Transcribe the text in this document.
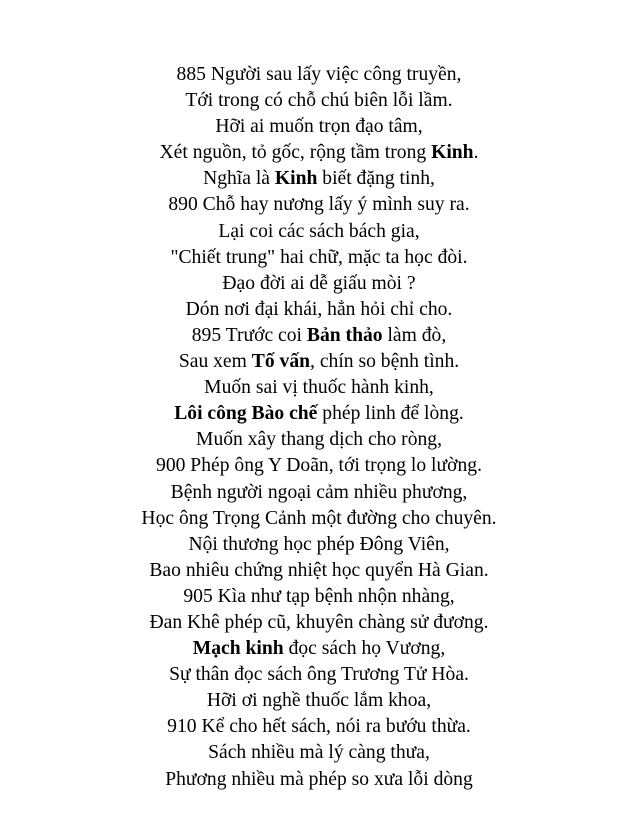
885 Người sau lấy việc công truyền,
Tới trong có chỗ chú biên lỗi lầm.
Hỡi ai muốn trọn đạo tâm,
Xét nguồn, tỏ gốc, rộng tầm trong Kinh.
Nghĩa là Kinh biết đặng tinh,
890 Chỗ hay nương lấy ý mình suy ra.
Lại coi các sách bách gia,
"Chiết trung" hai chữ, mặc ta học đòi.
Đạo đời ai dễ giấu mòi ?
Dón nơi đại khái, hẳn hỏi chỉ cho.
895 Trước coi Bản thảo làm đò,
Sau xem Tố vấn, chín so bệnh tình.
Muốn sai vị thuốc hành kinh,
Lôi công Bào chế phép linh để lòng.
Muốn xây thang dịch cho ròng,
900 Phép ông Y Doãn, tới trọng lo lường.
Bệnh người ngoại cảm nhiều phương,
Học ông Trọng Cảnh một đường cho chuyên.
Nội thương học phép Đông Viên,
Bao nhiêu chứng nhiệt học quyển Hà Gian.
905 Kìa như tạp bệnh nhộn nhàng,
Đan Khê phép cũ, khuyên chàng sử đương.
Mạch kinh đọc sách họ Vương,
Sự thân đọc sách ông Trương Tử Hòa.
Hỡi ơi nghề thuốc lắm khoa,
910 Kể cho hết sách, nói ra bướu thừa.
Sách nhiều mà lý càng thưa,
Phương nhiều mà phép so xưa lỗi dòng
